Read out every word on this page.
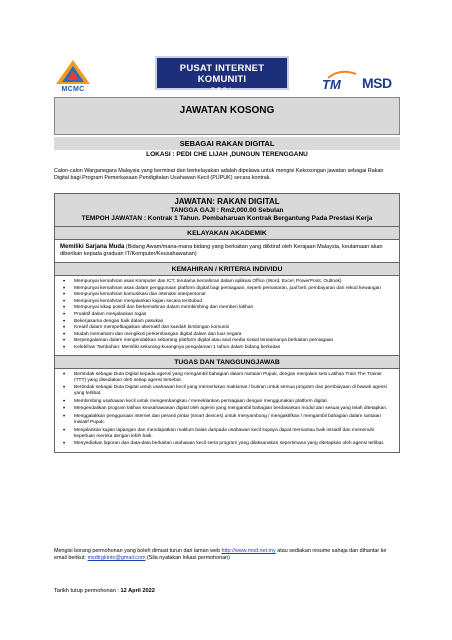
MCMC
PUSAT INTERNET KOMUNITI
PEDi	TM MSD
JAWATAN KOSONG
SEBAGAI RAKAN DIGITAL
LOKASI : PEDI CHE LIJAH ,DUNGUN TERENGGANU
Calon-calon Warganegara Malaysia yang berminat dan berkelayakan adalah dipelawa untuk mengisi Kekosongan jawatan sebagai Rakan Digital bagi Program Pemerkasaan Pendigitalan Usahawan Kecil (PUPUK) secara kontrak.
JAWATAN: RAKAN DIGITAL
TANGGA GAJI : Rm2,000.00 Sebulan
TEMPOH JAWATAN : Kontrak 1 Tahun. Pembaharuan Kontrak Bergantung Pada Prestasi Kerja
KELAYAKAN AKADEMIK
Memiliki Sarjana Muda (Bidang Awam/mana-mana bidang yang berkaitan yang diiktiraf oleh Kerajaan Malaysia, keutamaan akan diberikan kepada graduan IT/Komputer/Keusahawanan)
KEMAHIRAN / KRITERIA INDIVIDU
• Mempunyai kemahiran asas Komputer dan ICT, terutama kemahiran dalam aplikasi Office (Word, Excel, PowerPoint, Outlook)
• Mempunyai kemahiran asas dalam penggunaan platform digital bagi pemiagaan, seperti pemasaran, jual beli, pembayaran dan rekod kewangan
• Mempunyai kemahiran komunikasi dan interaksi interpersonal
• Mempunyai kemahiran menjalankan kajian secara terstubud
• Mempunyai sikap positif dan berkemahiran dalam membimbing dan memberi latihan
• Proaktif dalam menjalankan tugas
• Bekerjasama dengan baik dalam pasukan
• Kreatif dalam mempelbagaikan alternatif dan kaedah bimbingan komuniti
• Mudah memahami dan mengikuti perkembangan digital dalam dan luar negara
• Berpengalaman dalam mengendalikan sebarang platform digital atau asal media sosial terutamanya berkaitan perniagaan
• Kelebihan Tambahan: Memiliki sekurang-kurangnya pengalaman 1 tahun dalam bidang berkaitan
TUGAS DAN TANGGUNGJAWAB
• Bertindak sebagai Duta Digital kepada agensi yang mengambil bahagian dalam rantaian Pupuk, dengan menjalani sesi Latihan Train The Trainer (TTT) yang disediakan oleh setiap agensi tersebut.
• Bertindak sebagai Duta Digital untuk usahawan kecil yang memerlukan maklumat / butiran untuk semua program dan pembiayaan di bawah agensi yang terlibat.
• Membimbing usahawan kecil untuk mengembangkan / meneklankan perniagaan dengan menggunakan platform digital.
• Mengendalikan program latihan keusahawanan digital oleh agensi yang mengambil bahagian berdasarkan modul dan sesuai yang telah ditetapkan.
• Menggalakkan penggunaan internet dan peranti pintar (smart devices) untuk menyambung / mengaktifkan / mengambil bahagian dalam rantaian inisiatif Pupuk.
• Menjalankan kajian lapangan dan mendapatkan maklum balas daripada usahawan kecil supaya dapat memantau baik inisiatif dan memenuhi keperluan mereka dengan lebih baik.
• Menyediakan laporan dan data-data berkaitan usahawan kecil serta program yang dilaksanakan sepertimana yang ditetapkan oleh agensi terlibat.
Mengisi borang permohonan yang boleh dimuat turun dari laman web http://www.msd.net.my atau sediakan resume sahaja dan dihantar ke email berikut: msdtrgkintn@gmail.com (Sila nyatakan lokasi permohonan)
Tarikh tutup permohonan : 12 April 2022
